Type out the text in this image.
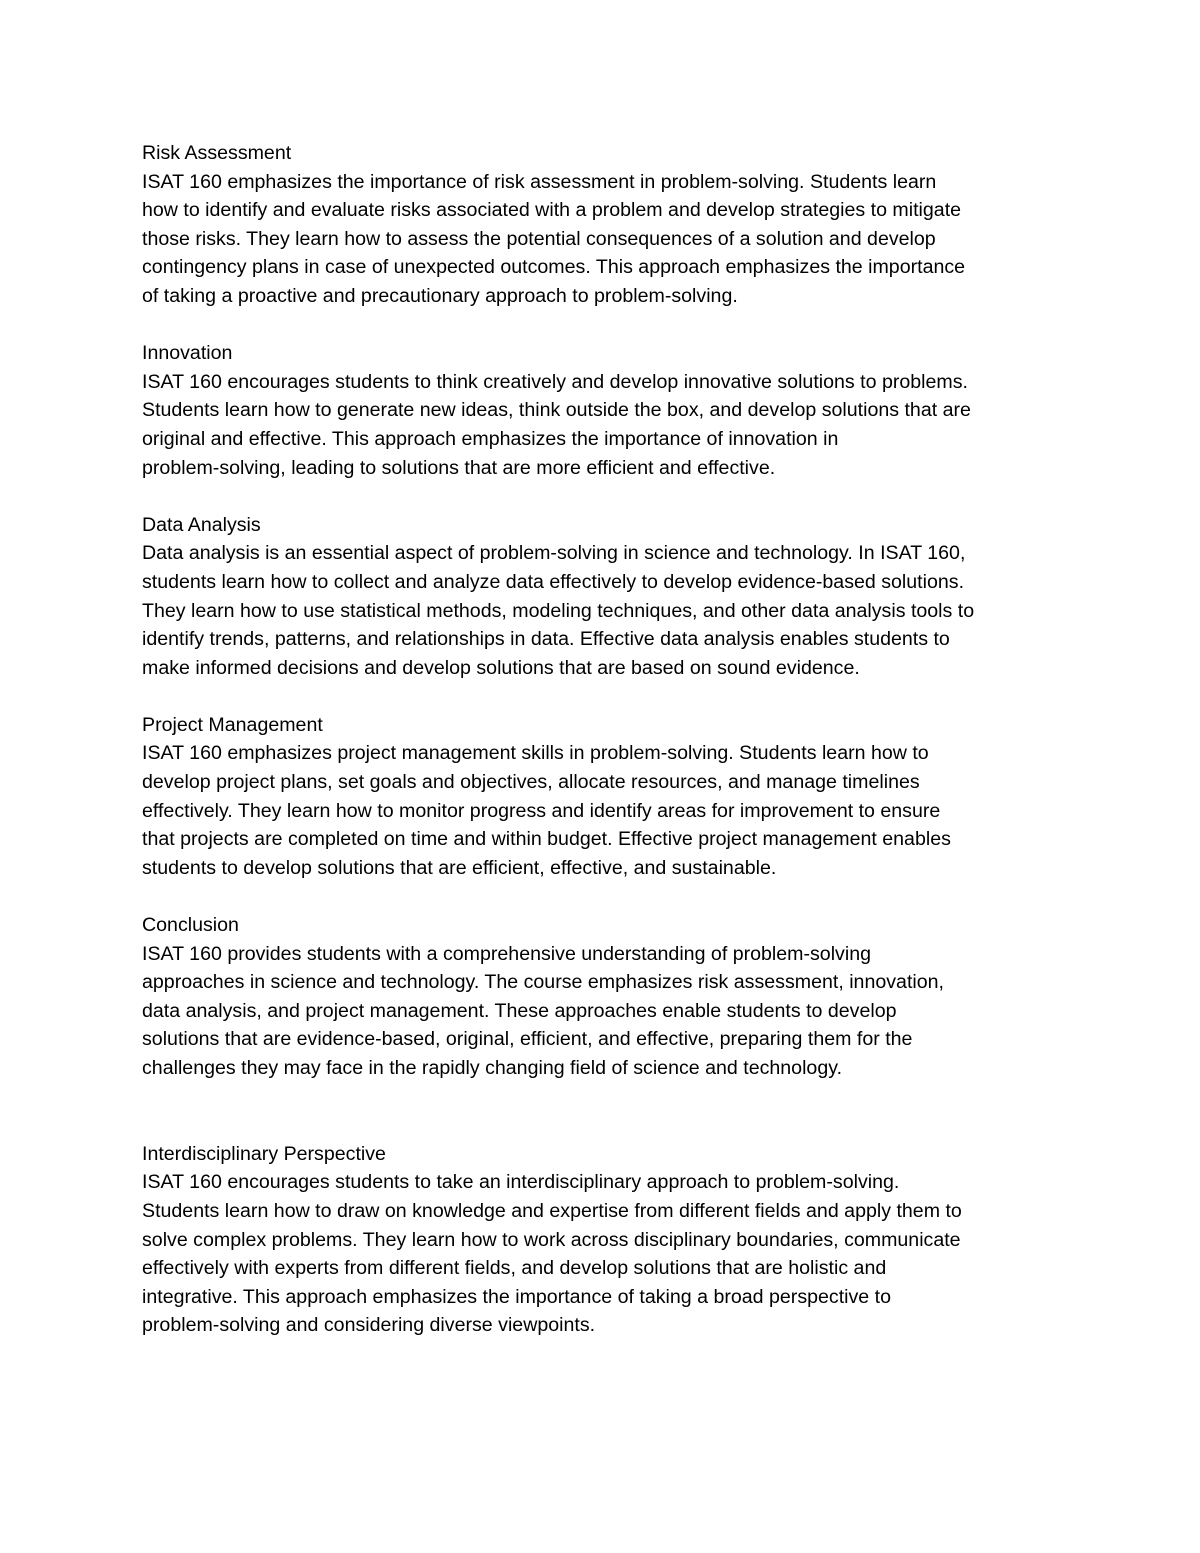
Risk Assessment
ISAT 160 emphasizes the importance of risk assessment in problem-solving. Students learn
how to identify and evaluate risks associated with a problem and develop strategies to mitigate
those risks. They learn how to assess the potential consequences of a solution and develop
contingency plans in case of unexpected outcomes. This approach emphasizes the importance
of taking a proactive and precautionary approach to problem-solving.
Innovation
ISAT 160 encourages students to think creatively and develop innovative solutions to problems.
Students learn how to generate new ideas, think outside the box, and develop solutions that are
original and effective. This approach emphasizes the importance of innovation in
problem-solving, leading to solutions that are more efficient and effective.
Data Analysis
Data analysis is an essential aspect of problem-solving in science and technology. In ISAT 160,
students learn how to collect and analyze data effectively to develop evidence-based solutions.
They learn how to use statistical methods, modeling techniques, and other data analysis tools to
identify trends, patterns, and relationships in data. Effective data analysis enables students to
make informed decisions and develop solutions that are based on sound evidence.
Project Management
ISAT 160 emphasizes project management skills in problem-solving. Students learn how to
develop project plans, set goals and objectives, allocate resources, and manage timelines
effectively. They learn how to monitor progress and identify areas for improvement to ensure
that projects are completed on time and within budget. Effective project management enables
students to develop solutions that are efficient, effective, and sustainable.
Conclusion
ISAT 160 provides students with a comprehensive understanding of problem-solving
approaches in science and technology. The course emphasizes risk assessment, innovation,
data analysis, and project management. These approaches enable students to develop
solutions that are evidence-based, original, efficient, and effective, preparing them for the
challenges they may face in the rapidly changing field of science and technology.
Interdisciplinary Perspective
ISAT 160 encourages students to take an interdisciplinary approach to problem-solving.
Students learn how to draw on knowledge and expertise from different fields and apply them to
solve complex problems. They learn how to work across disciplinary boundaries, communicate
effectively with experts from different fields, and develop solutions that are holistic and
integrative. This approach emphasizes the importance of taking a broad perspective to
problem-solving and considering diverse viewpoints.
